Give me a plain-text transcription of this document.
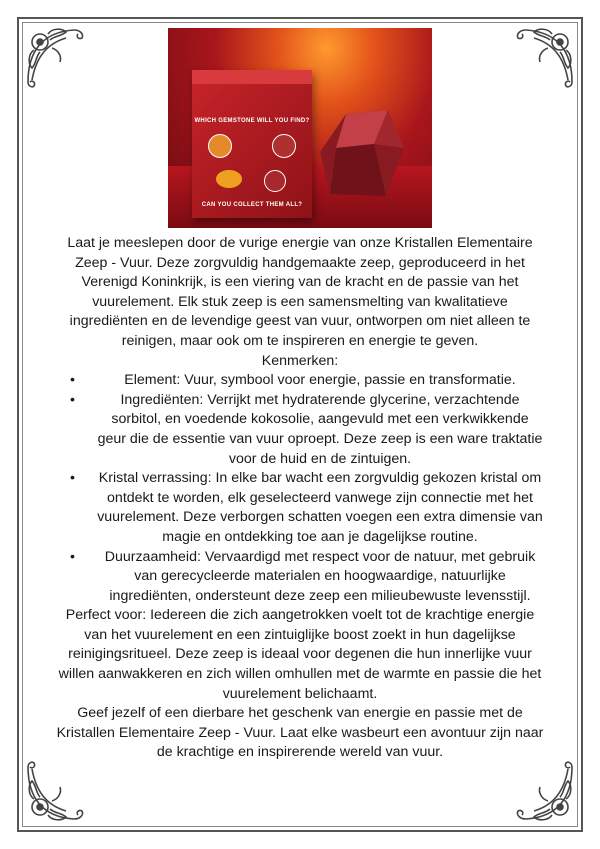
WHICH GEMSTONE WILL YOU FIND?
CAN YOU COLLECT THEM ALL?

Laat je meeslepen door de vurige energie van onze Kristallen Elementaire Zeep - Vuur. Deze zorgvuldig handgemaakte zeep, geproduceerd in het Verenigd Koninkrijk, is een viering van de kracht en de passie van het vuurelement. Elk stuk zeep is een samensmelting van kwalitatieve ingrediënten en de levendige geest van vuur, ontworpen om niet alleen te reinigen, maar ook om te inspireren en energie te geven.

Kenmerken:

•	Element: Vuur, symbool voor energie, passie en transformatie.
•	Ingrediënten: Verrijkt met hydraterende glycerine, verzachtende sorbitol, en voedende kokosolie, aangevuld met een verkwikkende geur die de essentie van vuur oproept. Deze zeep is een ware traktatie voor de huid en de zintuigen.
• Kristal verrassing: In elke bar wacht een zorgvuldig gekozen kristal om ontdekt te worden, elk geselecteerd vanwege zijn connectie met het vuurelement. Deze verborgen schatten voegen een extra dimensie van magie en ontdekking toe aan je dagelijkse routine.
•	Duurzaamheid: Vervaardigd met respect voor de natuur, met gebruik van gerecycleerde materialen en hoogwaardige, natuurlijke ingrediënten, ondersteunt deze zeep een milieubewuste levensstijl.

Perfect voor: Iedereen die zich aangetrokken voelt tot de krachtige energie van het vuurelement en een zintuiglijke boost zoekt in hun dagelijkse reinigingsritueel. Deze zeep is ideaal voor degenen die hun innerlijke vuur willen aanwakkeren en zich willen omhullen met de warmte en passie die het vuurelement belichaamt.

Geef jezelf of een dierbare het geschenk van energie en passie met de Kristallen Elementaire Zeep - Vuur. Laat elke wasbeurt een avontuur zijn naar de krachtige en inspirerende wereld van vuur.
